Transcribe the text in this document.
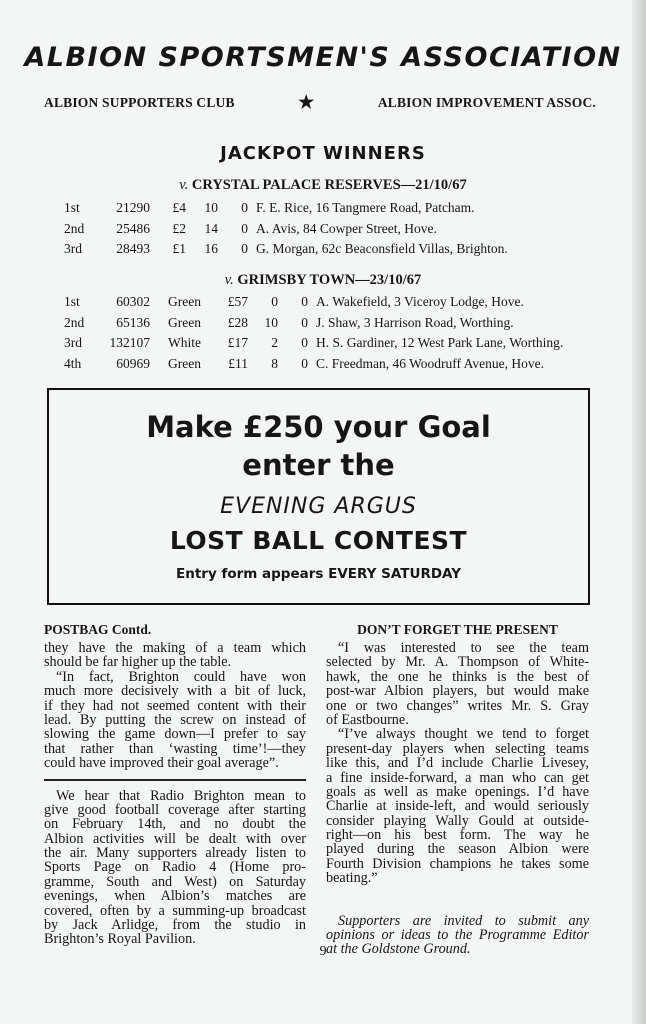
ALBION SPORTSMEN'S ASSOCIATION
ALBION SUPPORTERS CLUB	★	ALBION IMPROVEMENT ASSOC.
JACKPOT WINNERS
v. CRYSTAL PALACE RESERVES—21/10/67
1st	21290	£4	10	0	F. E. Rice, 16 Tangmere Road, Patcham.
2nd	25486	£2	14	0	A. Avis, 84 Cowper Street, Hove.
3rd	28493	£1	16	0	G. Morgan, 62c Beaconsfield Villas, Brighton.
v. GRIMSBY TOWN—23/10/67
1st	60302	Green	£57	0	0	A. Wakefield, 3 Viceroy Lodge, Hove.
2nd	65136	Green	£28	10	0	J. Shaw, 3 Harrison Road, Worthing.
3rd	132107	White	£17	2	0	H. S. Gardiner, 12 West Park Lane, Worthing.
4th	60969	Green	£11	8	0	C. Freedman, 46 Woodruff Avenue, Hove.
Make £250 your Goal
enter the
EVENING ARGUS
LOST BALL CONTEST
Entry form appears EVERY SATURDAY
POSTBAG Contd.
they have the making of a team which
should be far higher up the table.
“In fact, Brighton could have won
much more decisively with a bit of luck,
if they had not seemed content with their
lead. By putting the screw on instead of
slowing the game down—I prefer to say
that rather than ‘wasting time’!—they
could have improved their goal average”.
We hear that Radio Brighton mean to
give good football coverage after starting
on February 14th, and no doubt the
Albion activities will be dealt with over
the air. Many supporters already listen to
Sports Page on Radio 4 (Home pro-
gramme, South and West) on Saturday
evenings, when Albion’s matches are
covered, often by a summing-up broadcast
by Jack Arlidge, from the studio in
Brighton’s Royal Pavilion.
DON’T FORGET THE PRESENT
“I was interested to see the team
selected by Mr. A. Thompson of White-
hawk, the one he thinks is the best of
post-war Albion players, but would make
one or two changes” writes Mr. S. Gray
of Eastbourne.
“I’ve always thought we tend to forget
present-day players when selecting teams
like this, and I’d include Charlie Livesey,
a fine inside-forward, a man who can get
goals as well as make openings. I’d have
Charlie at inside-left, and would seriously
consider playing Wally Gould at outside-
right—on his best form. The way he
played during the season Albion were
Fourth Division champions he takes some
beating.”
Supporters are invited to submit any
opinions or ideas to the Programme Editor
at the Goldstone Ground.
9
